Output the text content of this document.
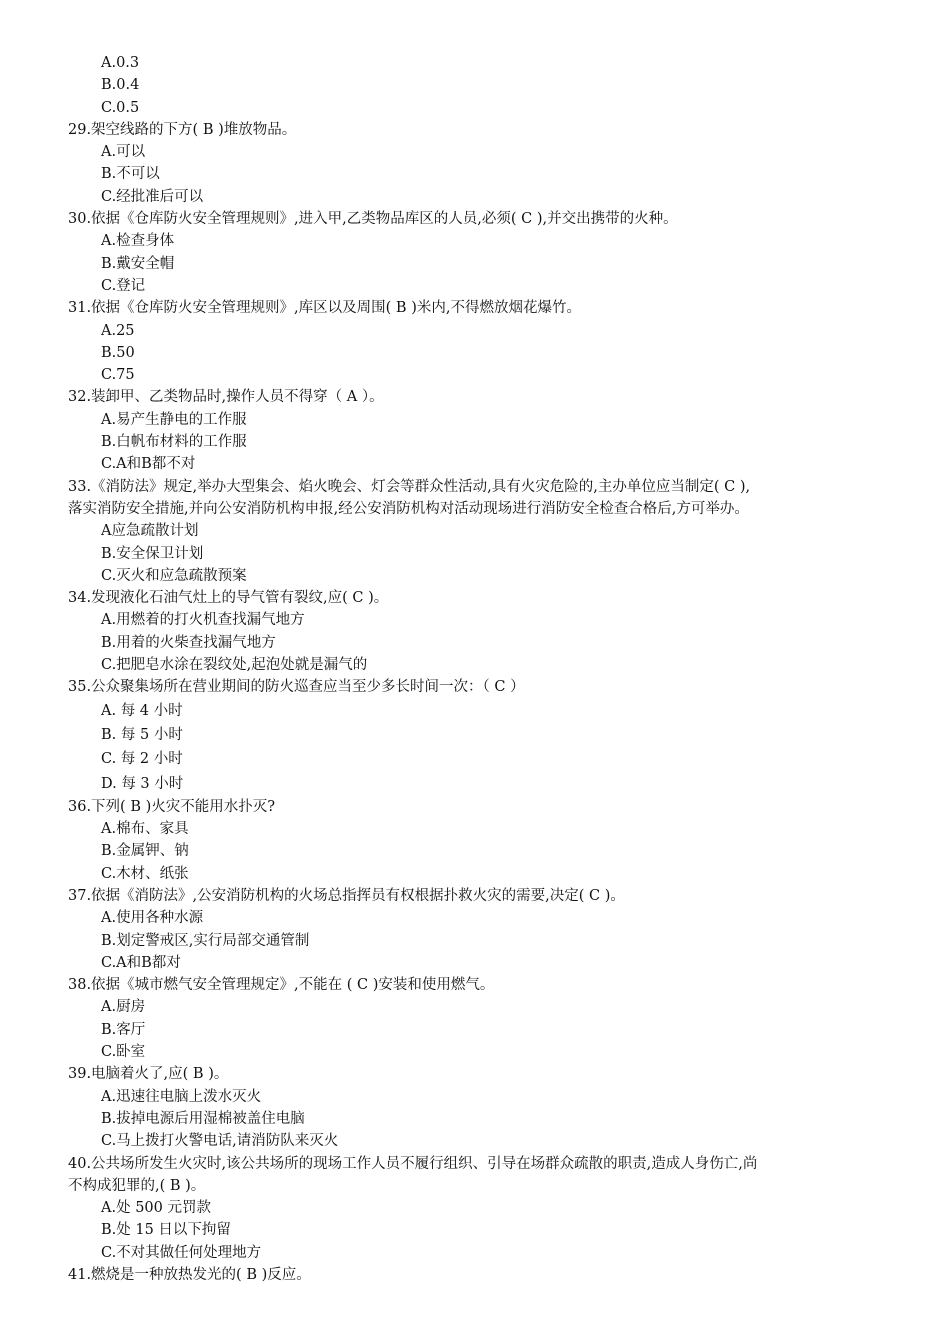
A.0.3
B.0.4
C.0.5
29.架空线路的下方( B )堆放物品。
A.可以
B.不可以
C.经批准后可以
30.依据《仓库防火安全管理规则》,进入甲,乙类物品库区的人员,必须( C ),并交出携带的火种。
A.检查身体
B.戴安全帽
C.登记
31.依据《仓库防火安全管理规则》,库区以及周围( B )米内,不得燃放烟花爆竹。
A.25
B.50
C.75
32.装卸甲、乙类物品时,操作人员不得穿（ A ）。
A.易产生静电的工作服
B.白帆布材料的工作服
C.A和B都不对
33.《消防法》规定,举办大型集会、焰火晚会、灯会等群众性活动,具有火灾危险的,主办单位应当制定( C ),
落实消防安全措施,并向公安消防机构申报,经公安消防机构对活动现场进行消防安全检查合格后,方可举办。
A应急疏散计划
B.安全保卫计划
C.灭火和应急疏散预案
34.发现液化石油气灶上的导气管有裂纹,应( C )。
A.用燃着的打火机查找漏气地方
B.用着的火柴查找漏气地方
C.把肥皂水涂在裂纹处,起泡处就是漏气的
35.公众聚集场所在营业期间的防火巡查应当至少多长时间一次：（ C ）
A. 每 4 小时
B. 每 5 小时
C. 每 2 小时
D. 每 3 小时
36.下列( B )火灾不能用水扑灭?
A.棉布、家具
B.金属钾、钠
C.木材、纸张
37.依据《消防法》,公安消防机构的火场总指挥员有权根据扑救火灾的需要,决定( C )。
A.使用各种水源
B.划定警戒区,实行局部交通管制
C.A和B都对
38.依据《城市燃气安全管理规定》,不能在 ( C )安装和使用燃气。
A.厨房
B.客厅
C.卧室
39.电脑着火了,应( B )。
A.迅速往电脑上泼水灭火
B.拔掉电源后用湿棉被盖住电脑
C.马上拨打火警电话,请消防队来灭火
40.公共场所发生火灾时,该公共场所的现场工作人员不履行组织、引导在场群众疏散的职责,造成人身伤亡,尚
不构成犯罪的,( B )。
A.处 500 元罚款
B.处 15 日以下拘留
C.不对其做任何处理地方
41.燃烧是一种放热发光的( B )反应。
